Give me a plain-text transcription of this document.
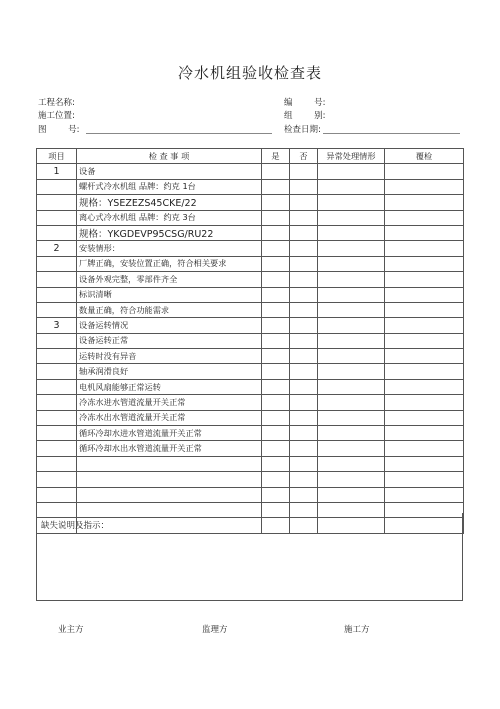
冷水机组验收检查表
工程名称:	编        号:
施工位置:	组        别:
图        号:	检查日期:
项目	检 查 事 项	是	否	异常处理情形	覆检
1	设备				
	螺杆式冷水机组 品牌：约克 1台				
	规格：YSEZEZS45CKE/22				
	离心式冷水机组 品牌：约克 3台				
	规格：YKGDEVP95CSG/RU22				
2	安装情形：				
	厂牌正确，安装位置正确，符合相关要求				
	设备外观完整，零部件齐全				
	标识清晰				
	数量正确，符合功能需求				
3	设备运转情况				
	设备运转正常				
	运转时没有异音				
	轴承润滑良好				
	电机风扇能够正常运转				
	冷冻水进水管道流量开关正常				
	冷冻水出水管道流量开关正常				
	循环冷却水进水管道流量开关正常				
	循环冷却水出水管道流量开关正常				

缺失说明及指示：
业主方	监理方	施工方
